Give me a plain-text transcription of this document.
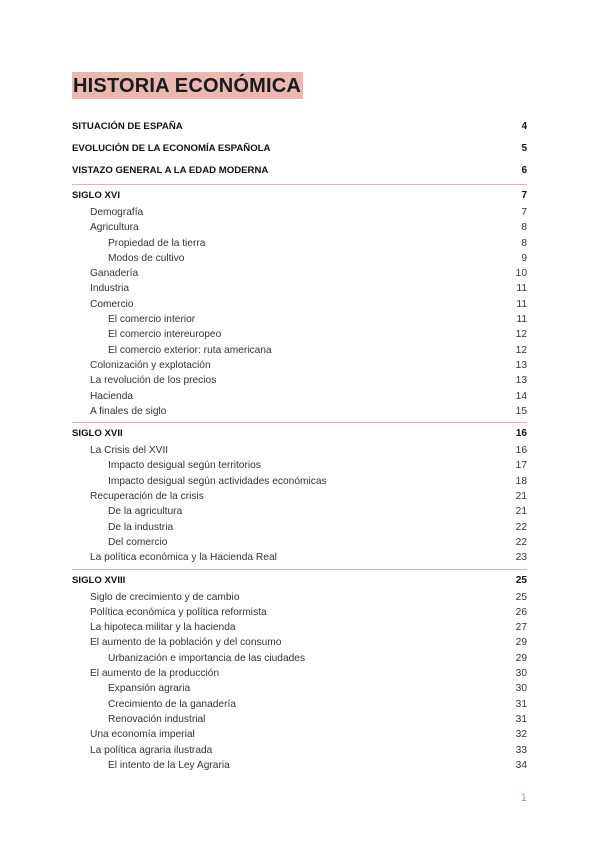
HISTORIA ECONÓMICA
SITUACIÓN DE ESPAÑA	4
EVOLUCIÓN DE LA ECONOMÍA ESPAÑOLA	5
VISTAZO GENERAL A LA EDAD MODERNA	6
SIGLO XVI	7
Demografía	7
Agricultura	8
Propiedad de la tierra	8
Modos de cultivo	9
Ganadería	10
Industria	11
Comercio	11
El comercio interior	11
El comercio intereuropeo	12
El comercio exterior: ruta americana	12
Colonización y explotación	13
La revolución de los precios	13
Hacienda	14
A finales de siglo	15
SIGLO XVII	16
La Crisis del XVII	16
Impacto desigual según territorios	17
Impacto desigual según actividades económicas	18
Recuperación de la crisis	21
De la agricultura	21
De la industria	22
Del comercio	22
La política económica y la Hacienda Real	23
SIGLO XVIII	25
Siglo de crecimiento y de cambio	25
Política económica y política reformista	26
La hipoteca militar y la hacienda	27
El aumento de la población y del consumo	29
Urbanización e importancia de las ciudades	29
El aumento de la producción	30
Expansión agraria	30
Crecimiento de la ganadería	31
Renovación industrial	31
Una economía imperial	32
La política agraria ilustrada	33
El intento de la Ley Agraria	34
1
